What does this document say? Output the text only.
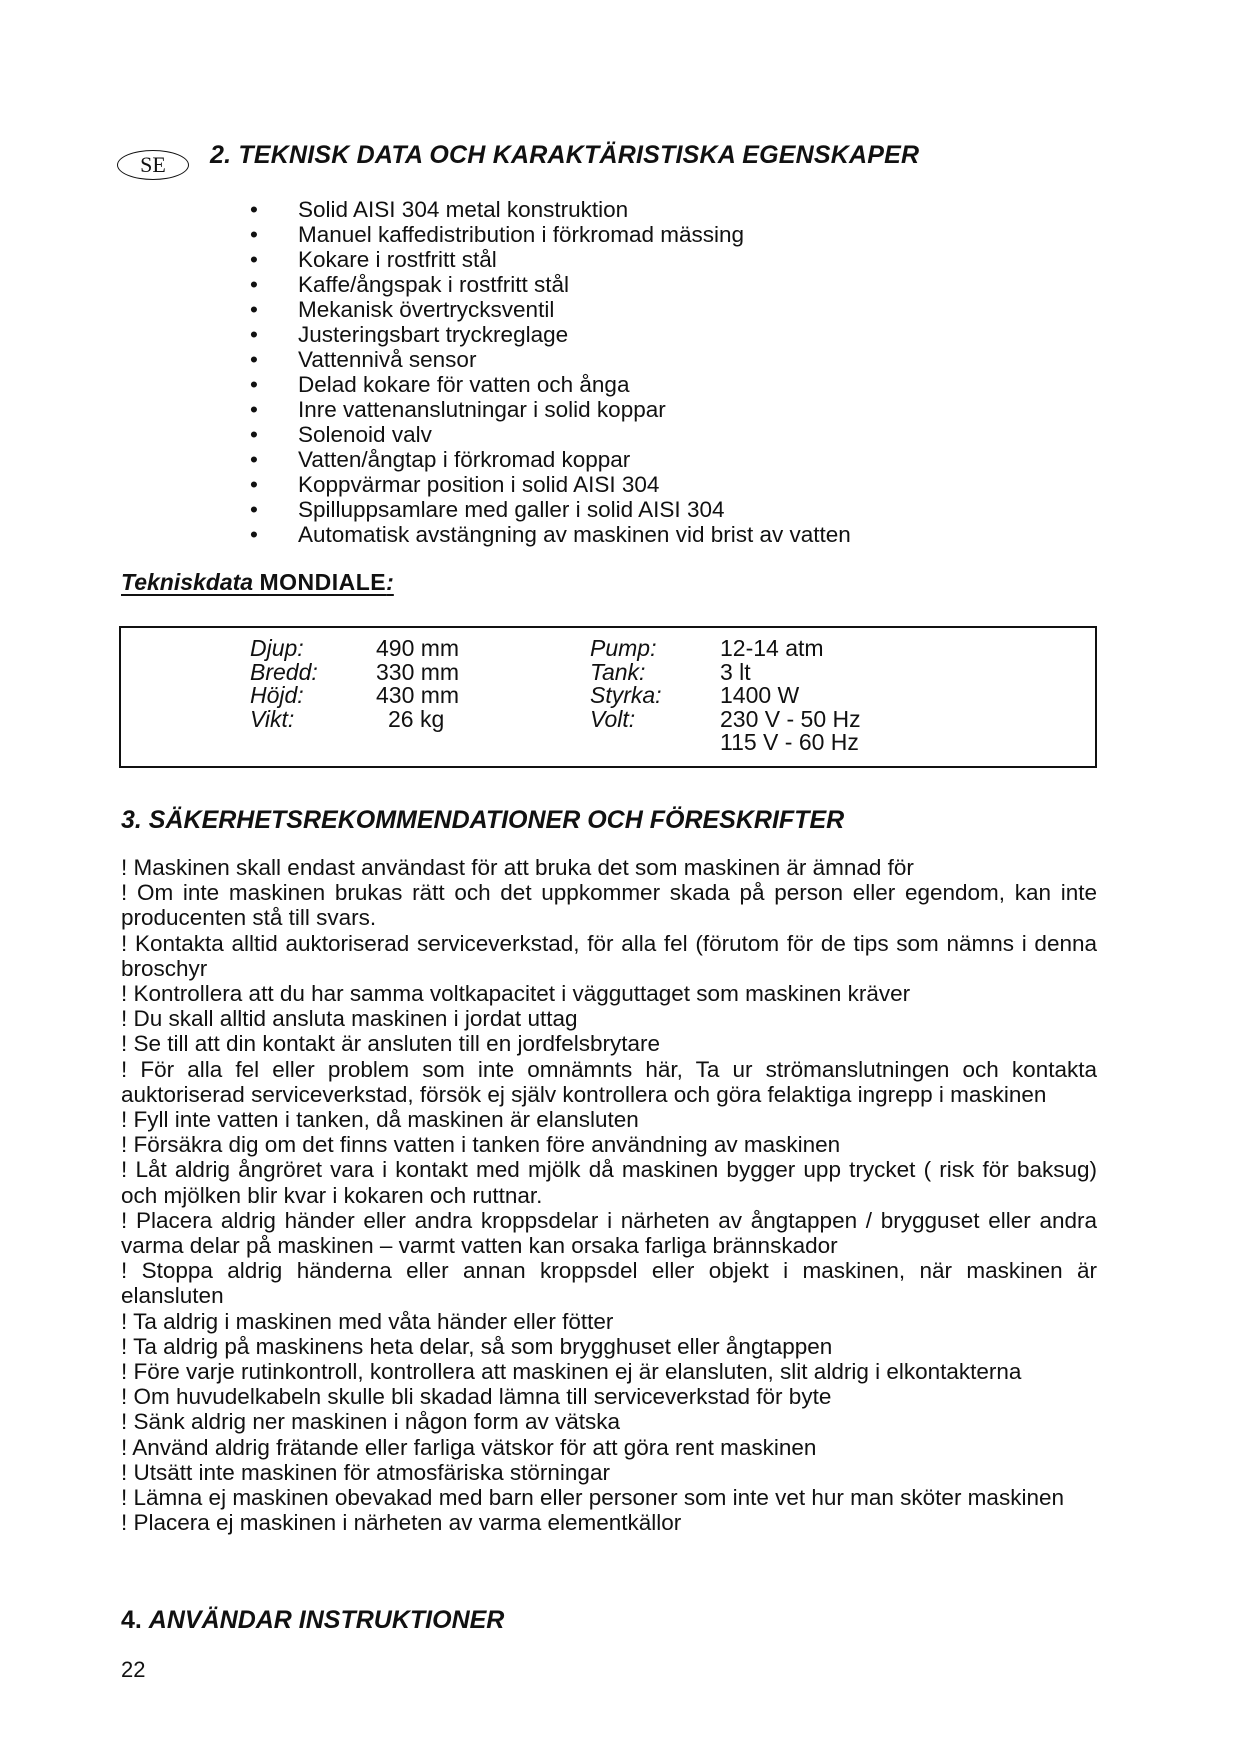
SE	2. TEKNISK DATA OCH KARAKTÄRISTISKA EGENSKAPER
• Solid AISI 304 metal konstruktion
• Manuel kaffedistribution i förkromad mässing
• Kokare i rostfritt stål
• Kaffe/ångspak i rostfritt stål
• Mekanisk övertrycksventil
• Justeringsbart tryckreglage
• Vattennivå sensor
• Delad kokare för vatten och ånga
• Inre vattenanslutningar i solid koppar
• Solenoid valv
• Vatten/ångtap i förkromad koppar
• Koppvärmar position i solid AISI 304
• Spilluppsamlare med galler i solid AISI 304
• Automatisk avstängning av maskinen vid brist av vatten
Tekniskdata MONDIALE:
Djup:
Bredd:
Höjd:
Vikt:
490 mm
330 mm
430 mm
26 kg
Pump:
Tank:
Styrka:
Volt:
12-14 atm
3 lt
1400 W
230 V - 50 Hz
115 V - 60 Hz
3. SÄKERHETSREKOMMENDATIONER OCH FÖRESKRIFTER

! Maskinen skall endast användast för att bruka det som maskinen är ämnad för

! Om inte maskinen brukas rätt och det uppkommer skada på person eller egendom, kan inte producenten stå till svars.

! Kontakta alltid auktoriserad serviceverkstad, för alla fel (förutom för de tips som nämns i denna broschyr

! Kontrollera att du har samma voltkapacitet i vägguttaget som maskinen kräver

! Du skall alltid ansluta maskinen i jordat uttag

! Se till att din kontakt är ansluten till en jordfelsbrytare

! För alla fel eller problem som inte omnämnts här, Ta ur strömanslutningen och kontakta auktoriserad serviceverkstad, försök ej själv kontrollera och göra felaktiga ingrepp i maskinen

! Fyll inte vatten i tanken, då maskinen är elansluten

! Försäkra dig om det finns vatten i tanken före användning av maskinen

! Låt aldrig ångröret vara i kontakt med mjölk då maskinen bygger upp trycket ( risk för baksug) och mjölken blir kvar i kokaren och ruttnar.

! Placera aldrig händer eller andra kroppsdelar i närheten av ångtappen / brygguset eller andra varma delar på maskinen – varmt vatten kan orsaka farliga brännskador

! Stoppa aldrig händerna eller annan kroppsdel eller objekt i maskinen, när maskinen är elansluten

! Ta aldrig i maskinen med våta händer eller fötter

! Ta aldrig på maskinens heta delar, så som brygghuset eller ångtappen

! Före varje rutinkontroll, kontrollera att maskinen ej är elansluten, slit aldrig i elkontakterna

! Om huvudelkabeln skulle bli skadad lämna till serviceverkstad för byte

! Sänk aldrig ner maskinen i någon form av vätska

! Använd aldrig frätande eller farliga vätskor för att göra rent maskinen

! Utsätt inte maskinen för atmosfäriska störningar

! Lämna ej maskinen obevakad med barn eller personer som inte vet hur man sköter maskinen

! Placera ej maskinen i närheten av varma elementkällor

4. ANVÄNDAR INSTRUKTIONER
22
